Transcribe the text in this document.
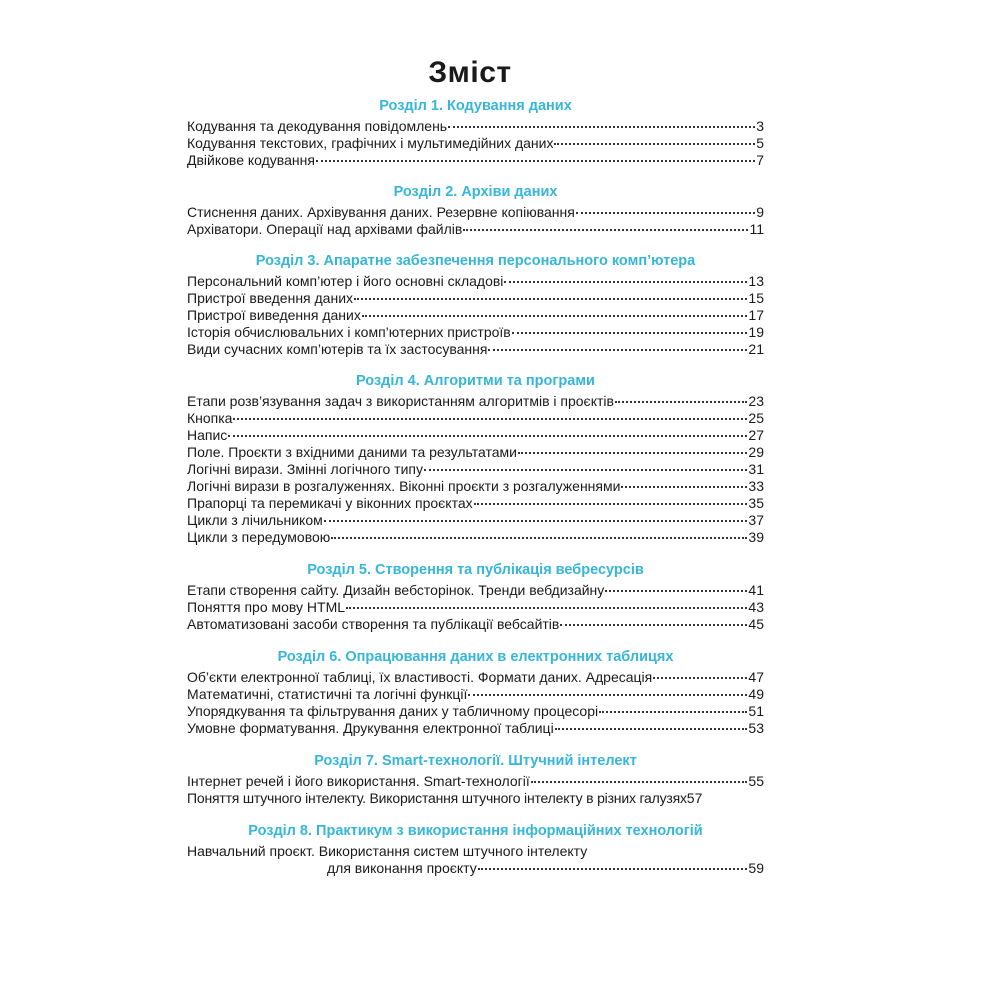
Зміст
Розділ 1. Кодування даних
Кодування та декодування повідомлень	3
Кодування текстових, графічних і мультимедійних даних	5
Двійкове кодування	7
Розділ 2. Архіви даних
Стиснення даних. Архівування даних. Резервне копіювання	9
Архіватори. Операції над архівами файлів	11
Розділ 3. Апаратне забезпечення персонального комп’ютера
Персональний комп’ютер і його основні складові	13
Пристрої введення даних	15
Пристрої виведення даних	17
Історія обчислювальних і комп’ютерних пристроїв	19
Види сучасних комп’ютерів та їх застосування	21
Розділ 4. Алгоритми та програми
Етапи розв’язування задач з використанням алгоритмів і проєктів	23
Кнопка	25
Напис	27
Поле. Проєкти з вхідними даними та результатами	29
Логічні вирази. Змінні логічного типу	31
Логічні вирази в розгалуженнях. Віконні проєкти з розгалуженнями	33
Прапорці та перемикачі у віконних проєктах	35
Цикли з лічильником	37
Цикли з передумовою	39
Розділ 5. Створення та публікація вебресурсів
Етапи створення сайту. Дизайн вебсторінок. Тренди вебдизайну	41
Поняття про мову HTML	43
Автоматизовані засоби створення та публікації вебсайтів	45
Розділ 6. Опрацювання даних в електронних таблицях
Об’єкти електронної таблиці, їх властивості. Формати даних. Адресація	47
Математичні, статистичні та логічні функції	49
Упорядкування та фільтрування даних у табличному процесорі	51
Умовне форматування. Друкування електронної таблиці	53
Розділ 7. Smart-технології. Штучний інтелект
Інтернет речей і його використання. Smart-технології	55
Поняття штучного інтелекту. Використання штучного інтелекту в різних галузях 57
Розділ 8. Практикум з використання інформаційних технологій
Навчальний проєкт. Використання систем штучного інтелекту
для виконання проєкту	59
